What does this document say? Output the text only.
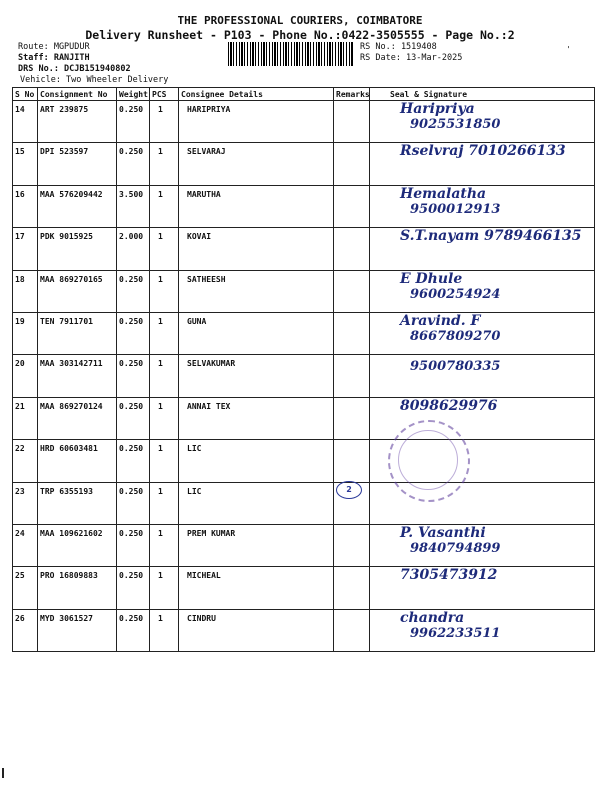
THE PROFESSIONAL COURIERS, COIMBATORE
Delivery Runsheet - P103 - Phone No.:0422-3505555 - Page No.:2
Route: MGPUDUR
Staff: RANJITH
DRS No.: DCJB151940802
Vehicle: Two Wheeler Delivery
RS No.: 1519408
RS Date: 13-Mar-2025
'
S No	Consignment No	Weight	PCS	Consignee Details	Remarks	Seal & Signature
14	ART 239875	0.250	1	HARIPRIYA		Haripriya
9025531850

15	DPI 523597	0.250	1	SELVARAJ		Rselvraj 7010266133

16	MAA 576209442	3.500	1	MARUTHA		Hemalatha
9500012913

17	PDK 9015925	2.000	1	KOVAI		S.T.nayam 9789466135

18	MAA 869270165	0.250	1	SATHEESH		E Dhule
9600254924

19	TEN 7911701	0.250	1	GUNA		Aravind. F
8667809270

20	MAA 303142711	0.250	1	SELVAKUMAR		9500780335

21	MAA 869270124	0.250	1	ANNAI TEX		8098629976

22	HRD 60603481	0.250	1	LIC		

23	TRP 6355193	0.250	1	LIC	2	

24	MAA 109621602	0.250	1	PREM KUMAR		P. Vasanthi
9840794899

25	PRO 16809883	0.250	1	MICHEAL		7305473912

26	MYD 3061527	0.250	1	CINDRU		chandra
9962233511
